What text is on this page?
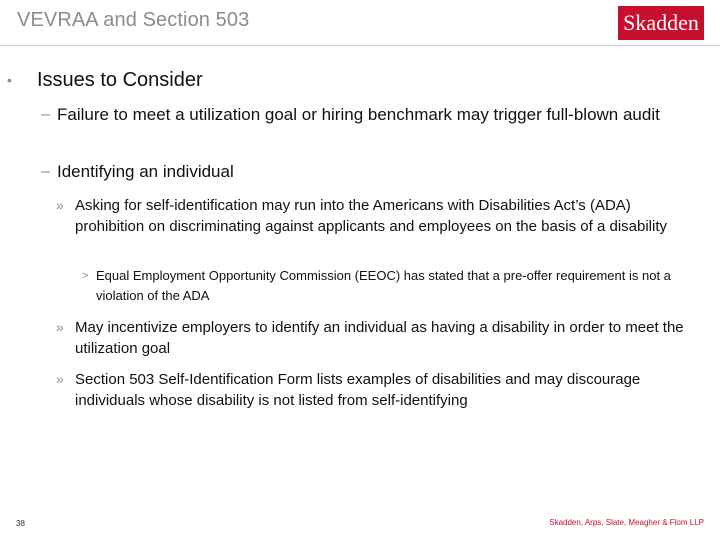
VEVRAA and Section 503	Skadden
• Issues to Consider
– Failure to meet a utilization goal or hiring benchmark may trigger full-blown audit
– Identifying an individual
» Asking for self-identification may run into the Americans with Disabilities Act’s (ADA) prohibition on discriminating against applicants and employees on the basis of a disability
> Equal Employment Opportunity Commission (EEOC) has stated that a pre-offer requirement is not a violation of the ADA
» May incentivize employers to identify an individual as having a disability in order to meet the utilization goal
» Section 503 Self-Identification Form lists examples of disabilities and may discourage individuals whose disability is not listed from self-identifying
38	Skadden, Arps, Slate, Meagher & Flom LLP
